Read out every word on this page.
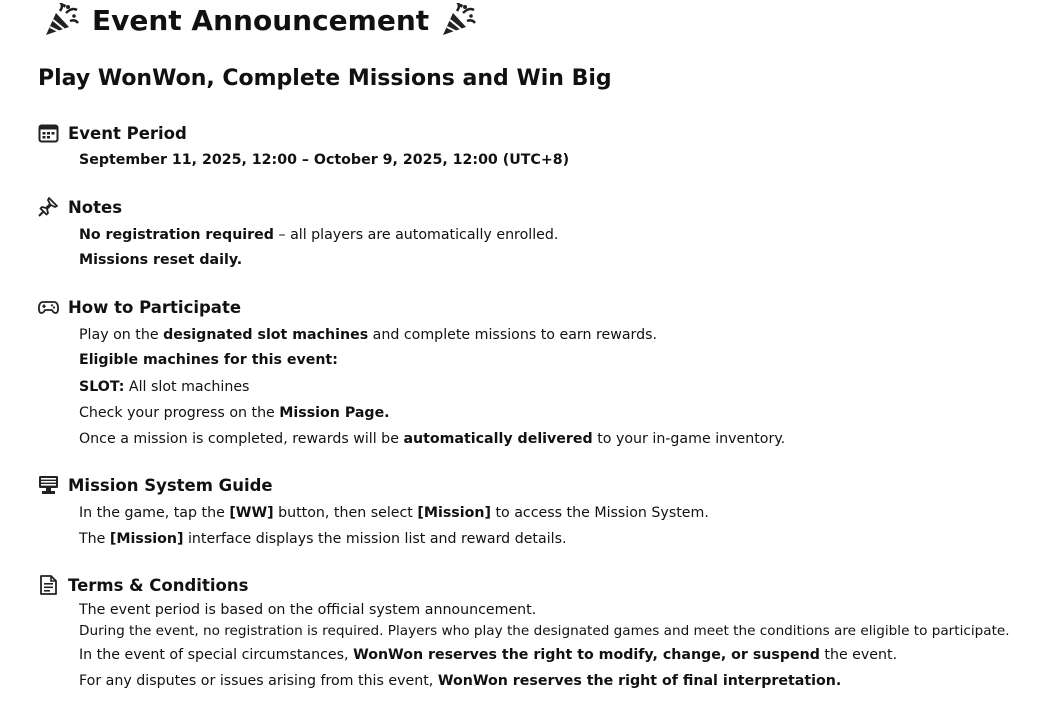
Event Announcement
Play WonWon, Complete Missions and Win Big
Event Period
September 11, 2025, 12:00 – October 9, 2025, 12:00 (UTC+8)
Notes
No registration required – all players are automatically enrolled.
Missions reset daily.
How to Participate
Play on the designated slot machines and complete missions to earn rewards.
Eligible machines for this event:
SLOT: All slot machines
Check your progress on the Mission Page.
Once a mission is completed, rewards will be automatically delivered to your in-game inventory.
Mission System Guide
In the game, tap the [WW] button, then select [Mission] to access the Mission System.
The [Mission] interface displays the mission list and reward details.
Terms & Conditions
The event period is based on the official system announcement.
During the event, no registration is required. Players who play the designated games and meet the conditions are eligible to participate.
In the event of special circumstances, WonWon reserves the right to modify, change, or suspend the event.
For any disputes or issues arising from this event, WonWon reserves the right of final interpretation.
